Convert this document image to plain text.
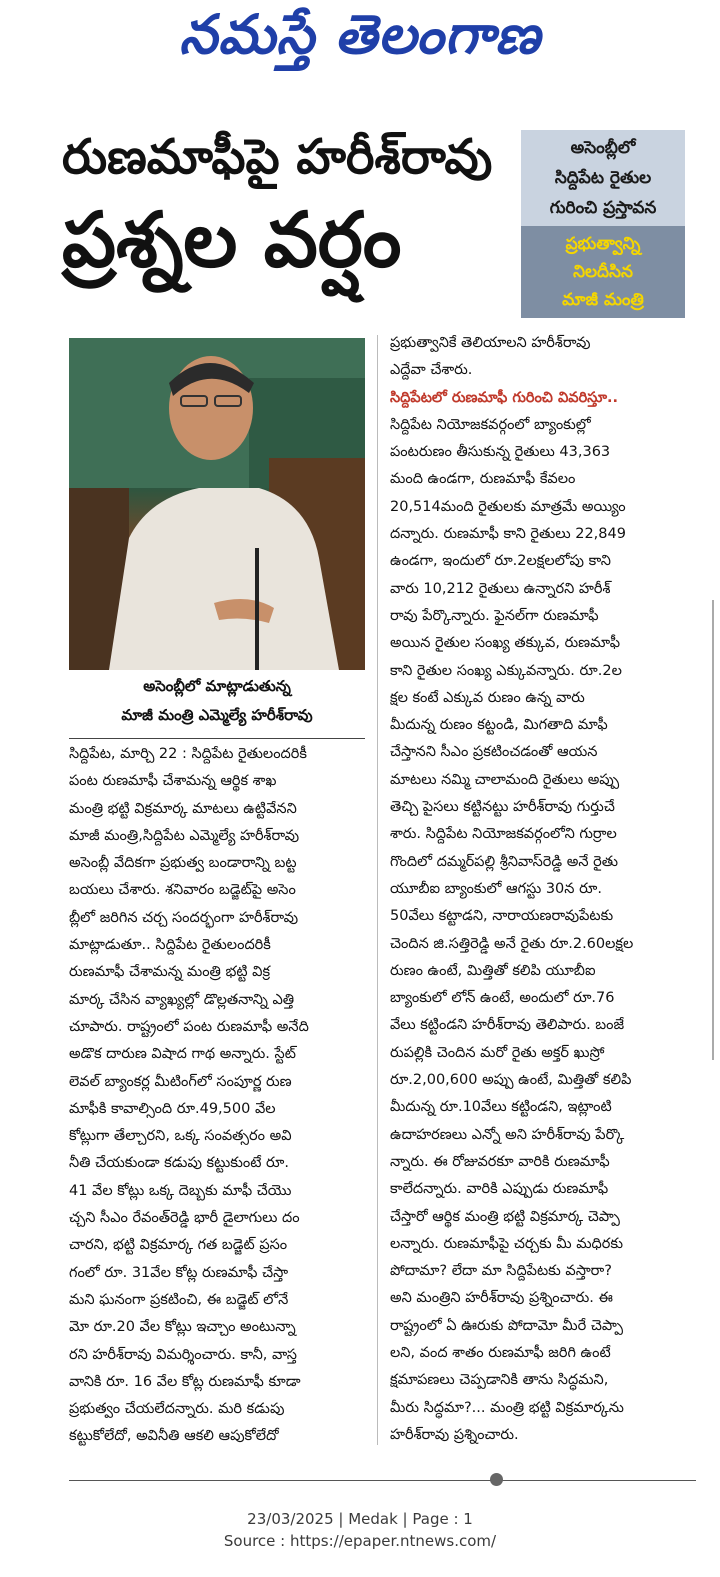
నమస్తే తెలంగాణ
రుణమాఫీపై హరీశ్‌రావు
ప్రశ్నల వర్షం
అసెంబ్లీలో
సిద్దిపేట రైతుల
గురించి ప్రస్తావన
ప్రభుత్వాన్ని
నిలదీసిన
మాజీ మంత్రి
అసెంబ్లీలో మాట్లాడుతున్న
మాజీ మంత్రి ఎమ్మెల్యే హరీశ్‌రావు

సిద్దిపేట, మార్చి 22 : సిద్దిపేట రైతులందరికీ

పంట రుణమాఫీ చేశామన్న ఆర్థిక శాఖ

మంత్రి భట్టి విక్రమార్క మాటలు ఉట్టివేనని

మాజీ మంత్రి,సిద్దిపేట ఎమ్మెల్యే హరీశ్‌రావు

అసెంబ్లీ వేదికగా ప్రభుత్వ బండారాన్ని బట్ట

బయలు చేశారు. శనివారం బడ్జెట్‌పై అసెం

బ్లీలో జరిగిన చర్చ సందర్భంగా హరీశ్‌రావు

మాట్లాడుతూ.. సిద్దిపేట రైతులందరికీ

రుణమాఫీ చేశామన్న మంత్రి భట్టి విక్ర

మార్క చేసిన వ్యాఖ్యల్లో డొల్లతనాన్ని ఎత్తి

చూపారు. రాష్ట్రంలో పంట రుణమాఫీ అనేది

అడొక దారుణ విషాద గాథ అన్నారు. స్టేట్

లెవల్ బ్యాంకర్ల మీటింగ్‌లో సంపూర్ణ రుణ

మాఫీకి కావాల్సింది రూ.49,500 వేల

కోట్లుగా తేల్చారని, ఒక్క సంవత్సరం అవి

నీతి చేయకుండా కడుపు కట్టుకుంటే రూ.

41 వేల కోట్లు ఒక్క దెబ్బకు మాఫీ చేయొ

చ్చని సీఎం రేవంత్‌రెడ్డి భారీ డైలాగులు దం

చారని, భట్టి విక్రమార్క గత బడ్జెట్ ప్రసం

గంలో రూ. 31వేల కోట్ల రుణమాఫీ చేస్తా

మని ఘనంగా ప్రకటించి, ఈ బడ్జెట్ లోనే

మో రూ.20 వేల కోట్లు ఇచ్చాం అంటున్నా

రని హరీశ్‌రావు విమర్శించారు. కానీ, వాస్త

వానికి రూ. 16 వేల కోట్ల రుణమాఫీ కూడా

ప్రభుత్వం చేయలేదన్నారు. మరి కడుపు

కట్టుకోలేదో, అవినీతి ఆకలి ఆపుకోలేదో

ప్రభుత్వానికే తెలియాలని హరీశ్‌రావు

ఎద్దేవా చేశారు.

సిద్దిపేటలో రుణమాఫీ గురించి వివరిస్తూ..

సిద్దిపేట నియోజకవర్గంలో బ్యాంకుల్లో

పంటరుణం తీసుకున్న రైతులు 43,363

మంది ఉండగా, రుణమాఫీ కేవలం

20,514మంది రైతులకు మాత్రమే అయ్యిం

దన్నారు. రుణమాఫీ కాని రైతులు 22,849

ఉండగా, ఇందులో రూ.2లక్షలలోపు కాని

వారు 10,212 రైతులు ఉన్నారని హరీశ్

రావు పేర్కొన్నారు. ఫైనల్‌గా రుణమాఫీ

అయిన రైతుల సంఖ్య తక్కువ, రుణమాఫీ

కాని రైతుల సంఖ్య ఎక్కువన్నారు. రూ.2ల

క్షల కంటే ఎక్కువ రుణం ఉన్న వారు

మీదున్న రుణం కట్టండి, మిగతాది మాఫీ

చేస్తానని సీఎం ప్రకటించడంతో ఆయన

మాటలు నమ్మి చాలామంది రైతులు అప్పు

తెచ్చి పైసలు కట్టినట్టు హరీశ్‌రావు గుర్తుచే

శారు. సిద్దిపేట నియోజకవర్గంలోని గుర్రాల

గొందిలో దమ్మర్‌పల్లి శ్రీనివాస్‌రెడ్డి అనే రైతు

యూబీఐ బ్యాంకులో ఆగస్టు 30న రూ.

50వేలు కట్టాడని, నారాయణరావుపేటకు

చెందిన జి.సత్తిరెడ్డి అనే రైతు రూ.2.60లక్షల

రుణం ఉంటే, మిత్తితో కలిపి యూబీఐ

బ్యాంకులో లోన్ ఉంటే, అందులో రూ.76

వేలు కట్టిండని హరీశ్‌రావు తెలిపారు. బంజే

రుపల్లికి చెందిన మరో రైతు అక్తర్ ఖుస్రో

రూ.2,00,600 అప్పు ఉంటే, మిత్తితో కలిపి

మీదున్న రూ.10వేలు కట్టిండని, ఇట్లాంటి

ఉదాహరణలు ఎన్నో అని హరీశ్‌రావు పేర్కొ

న్నారు. ఈ రోజువరకూ వారికి రుణమాఫీ

కాలేదన్నారు. వారికి ఎప్పుడు రుణమాఫీ

చేస్తారో ఆర్థిక మంత్రి భట్టి విక్రమార్క చెప్పా

లన్నారు. రుణమాఫీపై చర్చకు మీ మధిరకు

పోదామా? లేదా మా సిద్దిపేటకు వస్తారా?

అని మంత్రిని హరీశ్‌రావు ప్రశ్నించారు. ఈ

రాష్ట్రంలో ఏ ఊరుకు పోదామో మీరే చెప్పా

లని, వంద శాతం రుణమాఫీ జరిగి ఉంటే

క్షమాపణలు చెప్పడానికి తాను సిద్ధమని,

మీరు సిద్ధమా?... మంత్రి భట్టి విక్రమార్కను

హరీశ్‌రావు ప్రశ్నించారు.

23/03/2025 | Medak | Page : 1
Source : https://epaper.ntnews.com/
